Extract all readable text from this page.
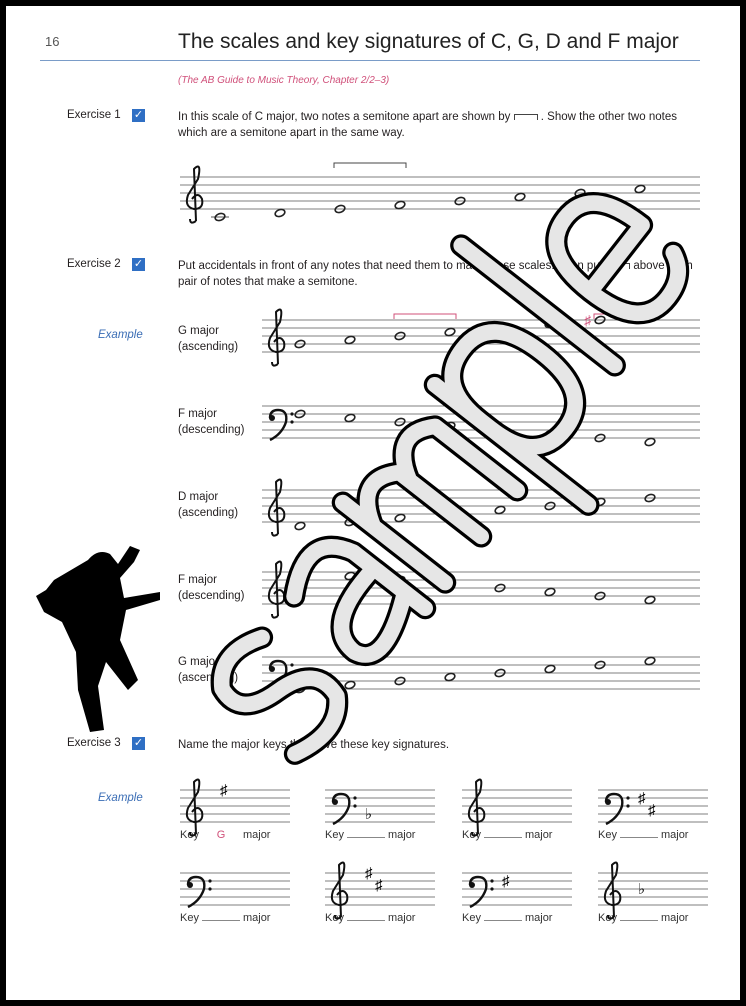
16	The scales and key signatures of C, G, D and F major
(The AB Guide to Music Theory, Chapter 2/2–3)
Exercise 1 ✓	In this scale of C major, two notes a semitone apart are shown by	. Show the other two notes which are a semitone apart in the same way.
Exercise 2 ✓	Put accidentals in front of any notes that need them to make these scales. Then put	above each pair of notes that make a semitone.
Example	G major
(ascending)
F major
(descending)
D major
(ascending)
F major
(descending)
G major
(ascending)
Exercise 3 ✓	Name the major keys that have these key signatures.
Example
Key G major	Key	major	Key	major	Key	major
Key	major	Key	major	Key	major	Key	major
♯
♯
♭
♯
♯
♯
♯	♯	♭
